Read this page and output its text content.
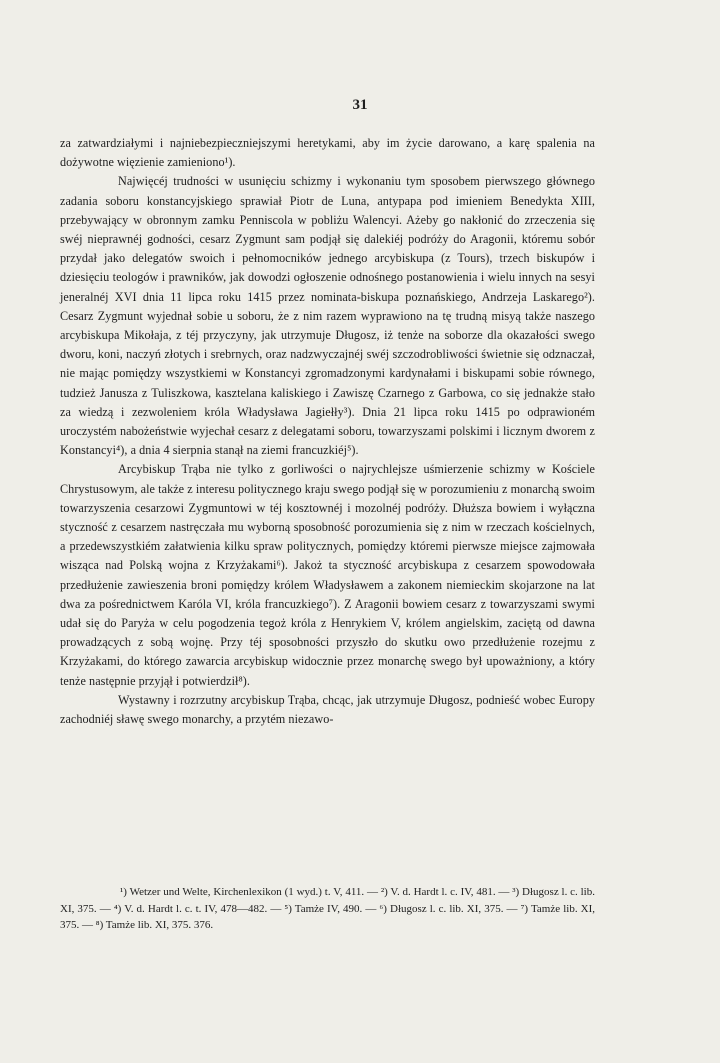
31

za zatwardziałymi i najniebezpieczniejszymi heretykami, aby im życie darowano, a karę spalenia na dożywotne więzienie zamieniono¹).

Najwięcéj trudności w usunięciu schizmy i wykonaniu tym sposobem pierwszego głównego zadania soboru konstancyjskiego sprawiał Piotr de Luna, antypapa pod imieniem Benedykta XIII, przebywający w obronnym zamku Penniscola w pobliżu Walencyi. Ażeby go nakłonić do zrzeczenia się swéj nieprawnéj godności, cesarz Zygmunt sam podjął się dalekiéj podróży do Aragonii, któremu sobór przydał jako delegatów swoich i pełnomocników jednego arcybiskupa (z Tours), trzech biskupów i dziesięciu teologów i prawników, jak dowodzi ogłoszenie odnośnego postanowienia i wielu innych na sesyi jeneralnéj XVI dnia 11 lipca roku 1415 przez nominata-biskupa poznańskiego, Andrzeja Laskarego²). Cesarz Zygmunt wyjednał sobie u soboru, że z nim razem wyprawiono na tę trudną misyą także naszego arcybiskupa Mikołaja, z téj przyczyny, jak utrzymuje Długosz, iż tenże na soborze dla okazałości swego dworu, koni, naczyń złotych i srebrnych, oraz nadzwyczajnéj swéj szczodrobliwości świetnie się odznaczał, nie mając pomiędzy wszystkiemi w Konstancyi zgromadzonymi kardynałami i biskupami sobie równego, tudzież Janusza z Tuliszkowa, kasztelana kaliskiego i Zawiszę Czarnego z Garbowa, co się jednakże stało za wiedzą i zezwoleniem króla Władysława Jagiełły³). Dnia 21 lipca roku 1415 po odprawioném uroczystém nabożeństwie wyjechał cesarz z delegatami soboru, towarzyszami polskimi i licznym dworem z Konstancyi⁴), a dnia 4 sierpnia stanął na ziemi francuzkiéj⁵).

Arcybiskup Trąba nie tylko z gorliwości o najrychlejsze uśmierzenie schizmy w Kościele Chrystusowym, ale także z interesu politycznego kraju swego podjął się w porozumieniu z monarchą swoim towarzyszenia cesarzowi Zygmuntowi w téj kosztownéj i mozolnéj podróży. Dłuższa bowiem i wyłączna styczność z cesarzem nastręczała mu wyborną sposobność porozumienia się z nim w rzeczach kościelnych, a przedewszystkiém załatwienia kilku spraw politycznych, pomiędzy któremi pierwsze miejsce zajmowała wisząca nad Polską wojna z Krzyżakami⁶). Jakoż ta styczność arcybiskupa z cesarzem spowodowała przedłużenie zawieszenia broni pomiędzy królem Władysławem a zakonem niemieckim skojarzone na lat dwa za pośrednictwem Karóla VI, króla francuzkiego⁷). Z Aragonii bowiem cesarz z towarzyszami swymi udał się do Paryża w celu pogodzenia tegoż króla z Henrykiem V, królem angielskim, zaciętą od dawna prowadzących z sobą wojnę. Przy téj sposobności przyszło do skutku owo przedłużenie rozejmu z Krzyżakami, do którego zawarcia arcybiskup widocznie przez monarchę swego był upoważniony, a który tenże następnie przyjął i potwierdził⁸).

Wystawny i rozrzutny arcybiskup Trąba, chcąc, jak utrzymuje Długosz, podnieść wobec Europy zachodniéj sławę swego monarchy, a przytém niezawo-

¹) Wetzer und Welte, Kirchenlexikon (1 wyd.) t. V, 411. — ²) V. d. Hardt l. c. IV, 481. — ³) Długosz l. c. lib. XI, 375. — ⁴) V. d. Hardt l. c. t. IV, 478—482. — ⁵) Tamże IV, 490. — ⁶) Długosz l. c. lib. XI, 375. — ⁷) Tamże lib. XI, 375. — ⁸) Tamże lib. XI, 375. 376.
